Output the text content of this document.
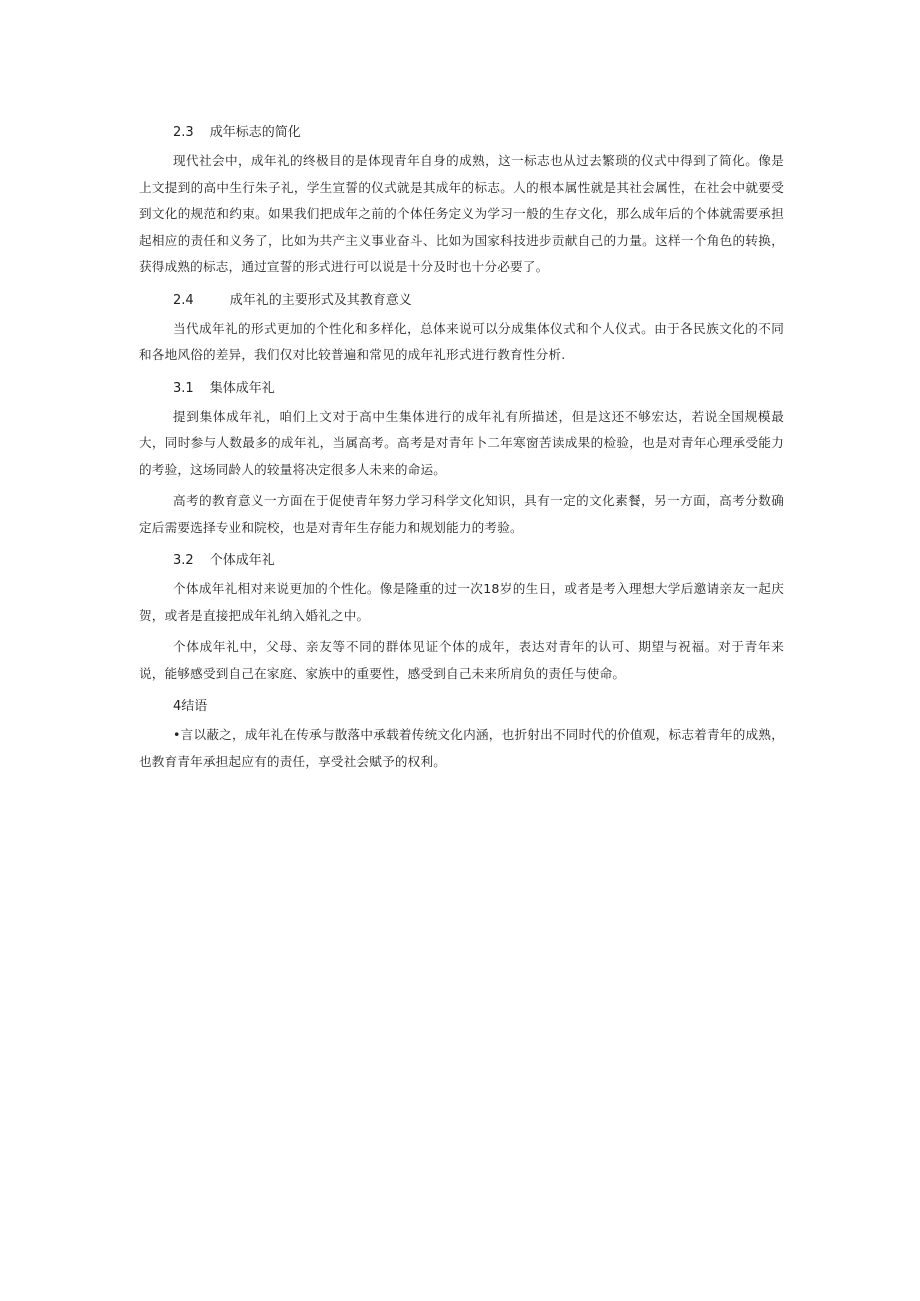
2.3 成年标志的简化

现代社会中，成年礼的终极目的是体现青年自身的成熟，这一标志也从过去繁琐的仪式中得到了简化。像是上文提到的高中生行朱子礼，学生宣誓的仪式就是其成年的标志。人的根本属性就是其社会属性，在社会中就要受到文化的规范和约束。如果我们把成年之前的个体任务定义为学习一般的生存文化，那么成年后的个体就需要承担起相应的责任和义务了，比如为共产主义事业奋斗、比如为国家科技进步贡献自己的力量。这样一个角色的转换，获得成熟的标志，通过宣誓的形式进行可以说是十分及时也十分必要了。

2.4	成年礼的主要形式及其教育意义

当代成年礼的形式更加的个性化和多样化，总体来说可以分成集体仪式和个人仪式。由于各民族文化的不同和各地风俗的差异，我们仅对比较普遍和常见的成年礼形式进行教育性分析.

3.1 集体成年礼

提到集体成年礼，咱们上文对于高中生集体进行的成年礼有所描述，但是这还不够宏达，若说全国规模最大，同时参与人数最多的成年礼，当属高考。高考是对青年卜二年寒窗苦读成果的检验，也是对青年心理承受能力的考验，这场同龄人的较量将决定很多人未来的命运。

高考的教育意义一方面在于促使青年努力学习科学文化知识，具有一定的文化素餐，另一方面，高考分数确定后需要选择专业和院校，也是对青年生存能力和规划能力的考验。

3.2 个体成年礼

个体成年礼相对来说更加的个性化。像是隆重的过一次18岁的生日，或者是考入理想大学后邀请亲友一起庆贺，或者是直接把成年礼纳入婚礼之中。

个体成年礼中，父母、亲友等不同的群体见证个体的成年，表达对青年的认可、期望与祝福。对于青年来说，能够感受到自己在家庭、家族中的重要性，感受到自己未来所肩负的责任与使命。

4结语

•言以蔽之，成年礼在传承与散落中承载着传统文化内涵，也折射出不同时代的价值观，标志着青年的成熟，也教育青年承担起应有的责任，享受社会赋予的权利。
